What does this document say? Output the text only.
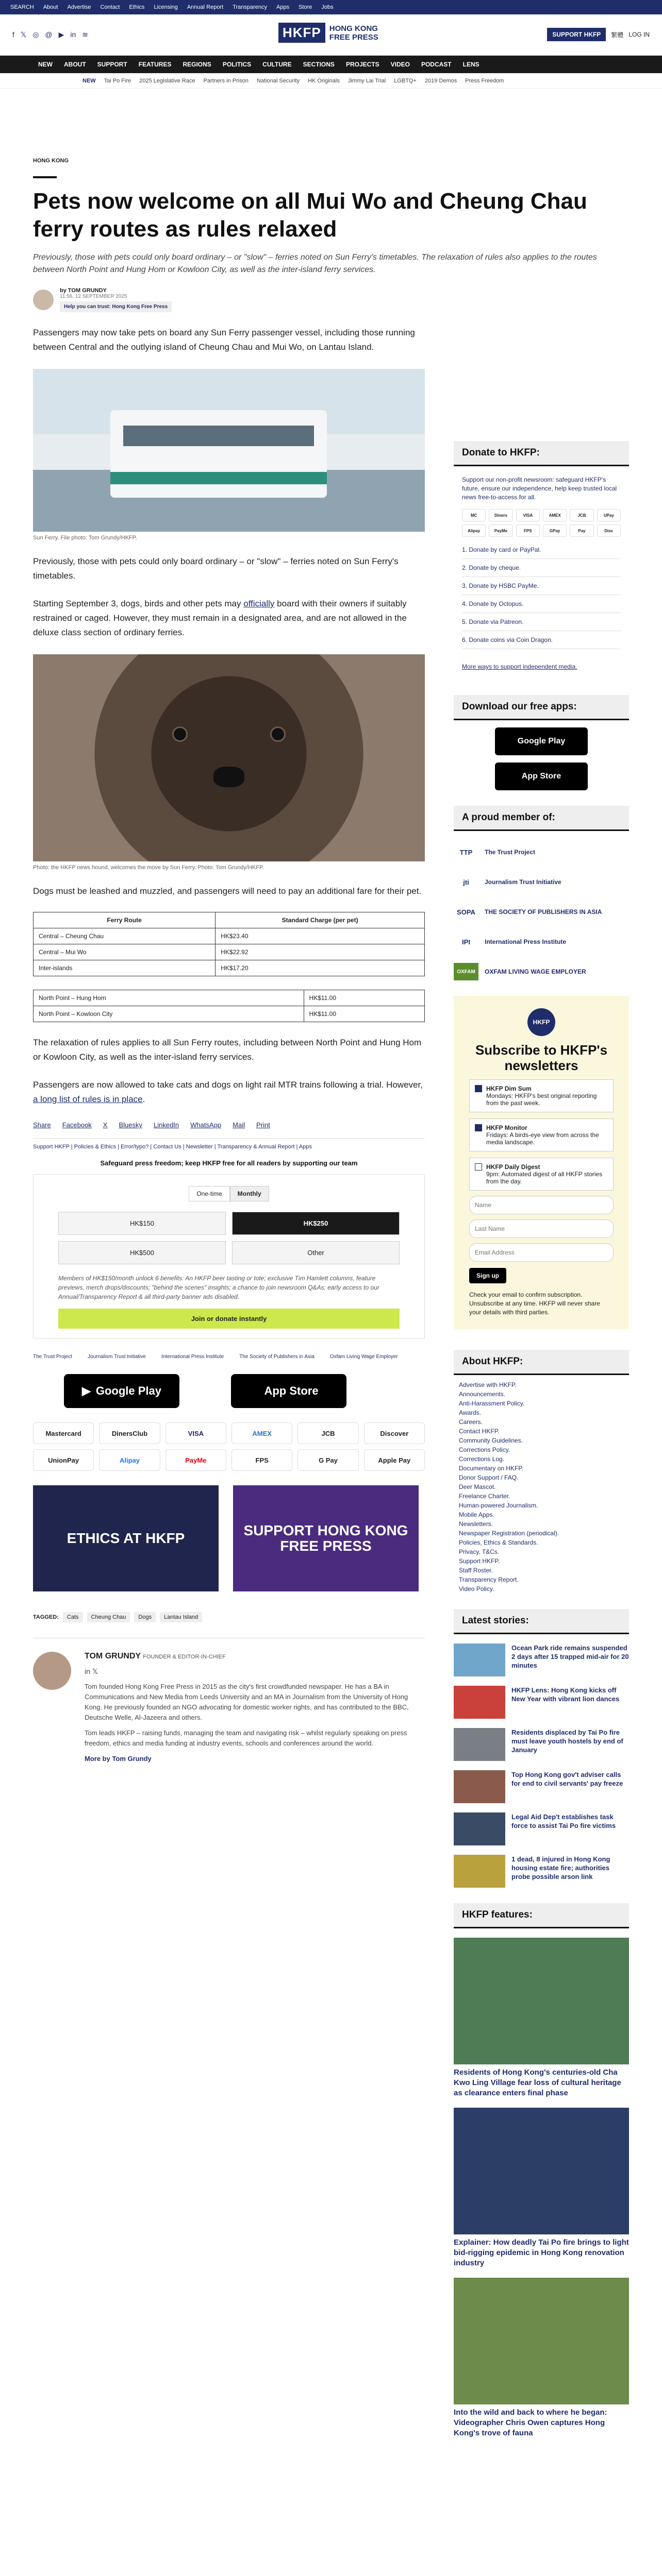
SEARCH About Advertise Contact Ethics Licensing Annual Report Transparency Apps Store Jobs
f 𝕏 ◎ @ ▶ in ≋	HKFP	HONG KONG
FREE PRESS	SUPPORT HKFP	繁體 LOG IN
NEW ABOUT SUPPORT FEATURES REGIONS POLITICS CULTURE SECTIONS PROJECTS VIDEO PODCAST LENS
NEW Tai Po Fire 2025 Legislative Race Partners in Prison National Security HK Originals Jimmy Lai Trial LGBTQ+ 2019 Demos Press Freedom
HONG KONG
Pets now welcome on all Mui Wo and Cheung Chau ferry routes as rules relaxed
Previously, those with pets could only board ordinary – or "slow" – ferries noted on Sun Ferry's timetables. The relaxation of rules also applies to the routes between North Point and Hung Hom or Kowloon City, as well as the inter-island ferry services.
by TOM GRUNDY
11:56, 12 SEPTEMBER 2025
Help you can trust: Hong Kong Free Press

Passengers may now take pets on board any Sun Ferry passenger vessel, including those running between Central and the outlying island of Cheung Chau and Mui Wo, on Lantau Island.

Sun Ferry. File photo: Tom Grundy/HKFP.

Previously, those with pets could only board ordinary – or "slow" – ferries noted on Sun Ferry's timetables.

Starting September 3, dogs, birds and other pets may officially board with their owners if suitably restrained or caged. However, they must remain in a designated area, and are not allowed in the deluxe class section of ordinary ferries.

Photo: the HKFP news hound, welcomes the move by Sun Ferry. Photo: Tom Grundy/HKFP.

Dogs must be leashed and muzzled, and passengers will need to pay an additional fare for their pet.

Ferry Route	Standard Charge (per pet)
Central – Cheung Chau	HK$23.40
Central – Mui Wo	HK$22.92
Inter-islands	HK$17.20
North Point – Hung Hom	HK$11.00
North Point – Kowloon City	HK$11.00

The relaxation of rules applies to all Sun Ferry routes, including between North Point and Hung Hom or Kowloon City, as well as the inter-island ferry services.

Passengers are now allowed to take cats and dogs on light rail MTR trains following a trial. However, a long list of rules is in place.

Share Facebook X Bluesky LinkedIn WhatsApp Mail Print
Support HKFP | Policies & Ethics | Error/typo? | Contact Us | Newsletter | Transparency & Annual Report | Apps
Safeguard press freedom; keep HKFP free for all readers by supporting our team
One-time	Monthly
HK$150	HK$250
HK$500	Other
Members of HK$150/month unlock 6 benefits: An HKFP beer tasting or tote; exclusive Tim Hamlett columns, feature previews, merch drops/discounts; "behind the scenes" insights; a chance to join newsroom Q&As; early access to our Annual/Transparency Report & all third-party banner ads disabled.
Join or donate instantly
The Trust Project	Journalism Trust Initiative	International Press Institute	The Society of Publishers in Asia	Oxfam Living Wage Employer
▶ Google Play	App Store
Mastercard	DinersClub	VISA	AMEX	JCB	Discover
UnionPay	Alipay	PayMe	FPS	G Pay	Apple Pay
ETHICS AT HKFP	SUPPORT HONG KONG FREE PRESS
TAGGED:	Cats	Cheung Chau	Dogs	Lantau Island
TOM GRUNDY FOUNDER & EDITOR-IN-CHIEF

in 𝕏

Tom founded Hong Kong Free Press in 2015 as the city's first crowdfunded newspaper. He has a BA in Communications and New Media from Leeds University and an MA in Journalism from the University of Hong Kong. He previously founded an NGO advocating for domestic worker rights, and has contributed to the BBC, Deutsche Welle, Al-Jazeera and others.

Tom leads HKFP – raising funds, managing the team and navigating risk – whilst regularly speaking on press freedom, ethics and media funding at industry events, schools and conferences around the world.

More by Tom Grundy

Donate to HKFP:

Support our non-profit newsroom: safeguard HKFP's future, ensure our independence, help keep trusted local news free-to-access for all.

MC	Diners	VISA	AMEX	JCB	UPay
Alipay	PayMe	FPS	GPay	Pay	Disc
1. Donate by card or PayPal.
2. Donate by cheque.
3. Donate by HSBC PayMe.
4. Donate by Octopus.
5. Donate via Patreon.
6. Donate coins via Coin Dragon.

More ways to support independent media.

Download our free apps:
Google Play
App Store
A proud member of:
TTP	The Trust Project
jti	Journalism Trust Initiative
SOPA	THE SOCIETY OF PUBLISHERS IN ASIA
IPI	International Press Institute
OXFAM	OXFAM LIVING WAGE EMPLOYER
HKFP
Subscribe to HKFP's newsletters
HKFP Dim Sum
Mondays: HKFP's best original reporting from the past week.
HKFP Monitor
Fridays: A birds-eye view from across the media landscape.
HKFP Daily Digest
9pm: Automated digest of all HKFP stories from the day.
Name Last Name Email Address Sign up

Check your email to confirm subscription. Unsubscribe at any time. HKFP will never share your details with third parties.

About HKFP:
Advertise with HKFP.
Announcements.
Anti-Harassment Policy.
Awards.
Careers.
Contact HKFP.
Community Guidelines.
Corrections Policy.
Corrections Log.
Documentary on HKFP.
Donor Support / FAQ.
Deer Mascot.
Freelance Charter.
Human-powered Journalism.
Mobile Apps.
Newsletters.
Newspaper Registration (periodical).
Policies, Ethics & Standards.
Privacy, T&Cs.
Support HKFP.
Staff Roster.
Transparency Report.
Video Policy.
Latest stories:
Ocean Park ride remains suspended 2 days after 15 trapped mid-air for 20 minutes
HKFP Lens: Hong Kong kicks off New Year with vibrant lion dances
Residents displaced by Tai Po fire must leave youth hostels by end of January
Top Hong Kong gov't adviser calls for end to civil servants' pay freeze
Legal Aid Dep't establishes task force to assist Tai Po fire victims
1 dead, 8 injured in Hong Kong housing estate fire; authorities probe possible arson link
HKFP features:
Residents of Hong Kong's centuries-old Cha Kwo Ling Village fear loss of cultural heritage as clearance enters final phase
Explainer: How deadly Tai Po fire brings to light bid-rigging epidemic in Hong Kong renovation industry
Into the wild and back to where he began: Videographer Chris Owen captures Hong Kong's trove of fauna
